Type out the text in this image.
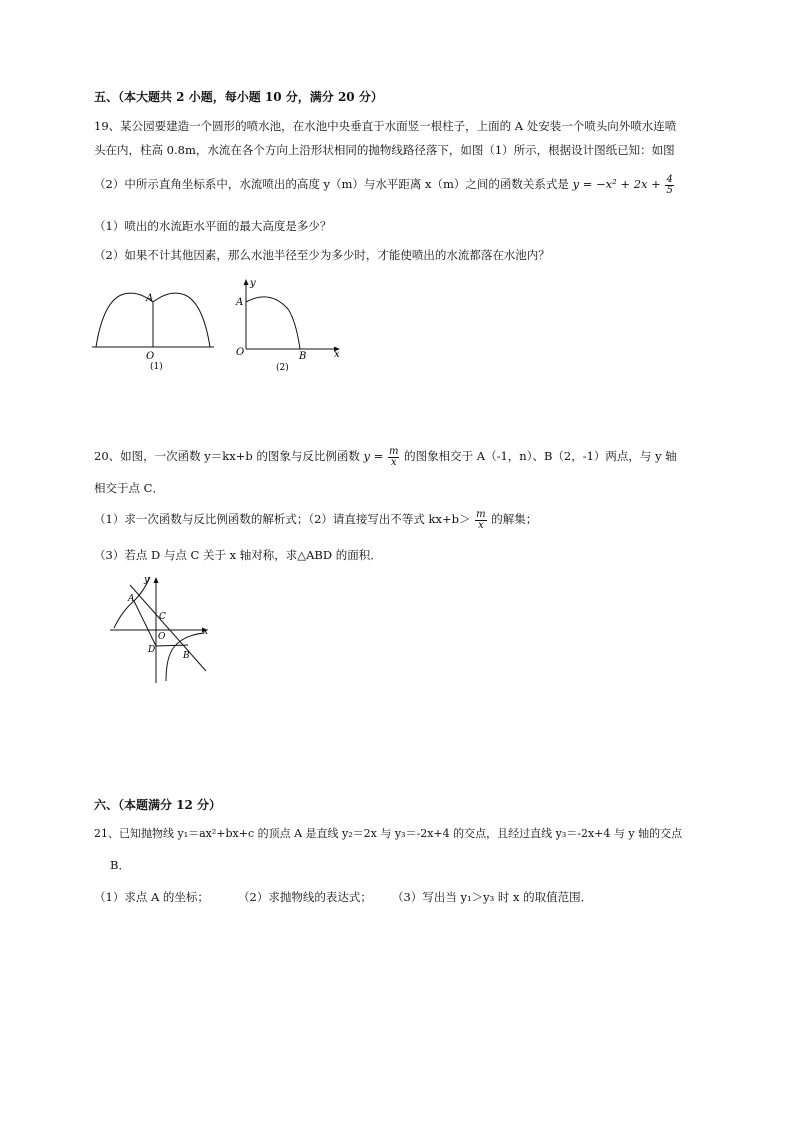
五、（本大题共 2 小题，每小题 10 分，满分 20 分）
19、某公园要建造一个圆形的喷水池，在水池中央垂直于水面竖一根柱子，上面的 A 处安装一个喷头向外喷水连喷
头在内，柱高 0.8m，水流在各个方向上沿形状相同的抛物线路径落下，如图（1）所示，根据设计图纸已知：如图
（2）中所示直角坐标系中，水流喷出的高度 y（m）与水平距离 x（m）之间的函数关系式是 $y = -x^2 + 2x + \frac{4}{5}$
（1）喷出的水流距水平面的最大高度是多少？
（2）如果不计其他因素，那么水池半径至少为多少时，才能使喷出的水流都落在水池内？
A
O
(1)
y
A
O	B	x
(2)
20、如图，一次函数 y＝kx+b 的图象与反比例函数 $y = \frac{m}{x}$ 的图象相交于 A（-1，n）、B（2，-1）两点，与 y 轴
相交于点 C．
（1）求一次函数与反比例函数的解析式；（2）请直接写出不等式 $kx+b> \frac{m}{x}$ 的解集；
（3）若点 D 与点 C 关于 x 轴对称，求△ABD 的面积．
y
A
C
O	x
D
B
六、（本题满分 12 分）
21、已知抛物线 y₁＝ax²+bx+c 的顶点 A 是直线 y₂＝2x 与 y₃＝-2x+4 的交点，且经过直线 y₃＝-2x+4 与 y 轴的交点
B．
（1）求点 A 的坐标；	（2）求抛物线的表达式； （3）写出当 y₁＞y₃ 时 x 的取值范围．
